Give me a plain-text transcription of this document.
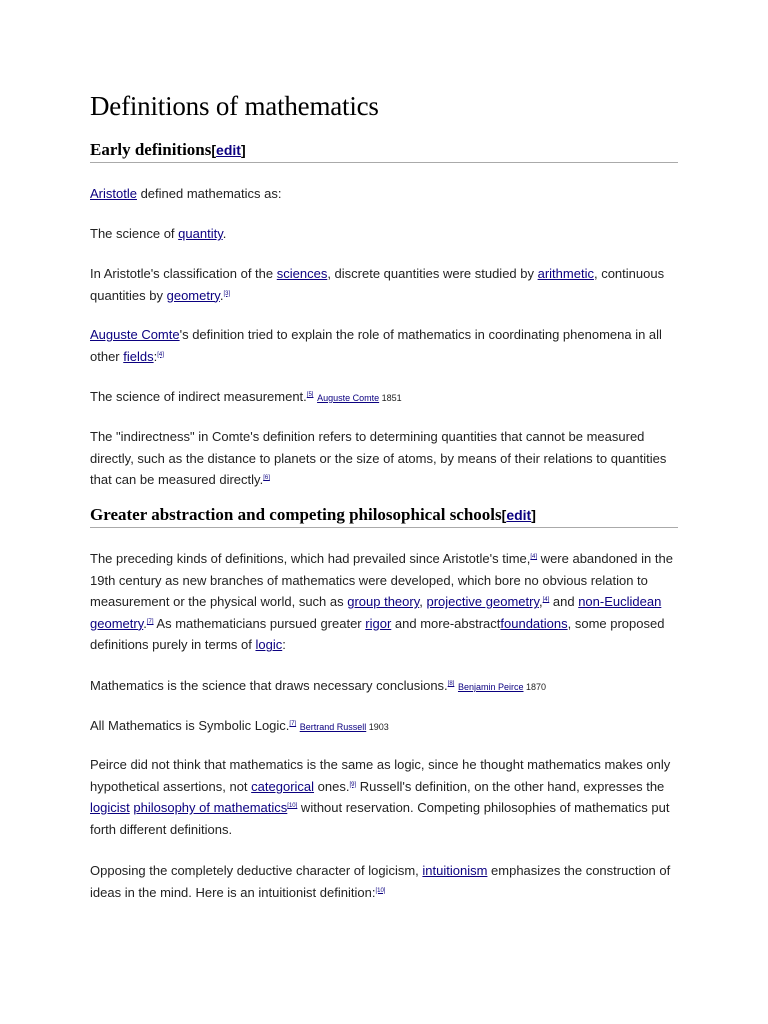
Definitions of mathematics
Early definitions[edit]

Aristotle defined mathematics as:

The science of quantity.

In Aristotle's classification of the sciences, discrete quantities were studied by arithmetic, continuous quantities by geometry.[3]

Auguste Comte's definition tried to explain the role of mathematics in coordinating phenomena in all other fields:[4]

The science of indirect measurement.[5] Auguste Comte 1851

The "indirectness" in Comte's definition refers to determining quantities that cannot be measured directly, such as the distance to planets or the size of atoms, by means of their relations to quantities that can be measured directly.[6]

Greater abstraction and competing philosophical schools[edit]

The preceding kinds of definitions, which had prevailed since Aristotle's time,[4] were abandoned in the 19th century as new branches of mathematics were developed, which bore no obvious relation to measurement or the physical world, such as group theory, projective geometry,[4] and non-Euclidean geometry.[7] As mathematicians pursued greater rigor and more-abstractfoundations, some proposed definitions purely in terms of logic:

Mathematics is the science that draws necessary conclusions.[8] Benjamin Peirce 1870

All Mathematics is Symbolic Logic.[7] Bertrand Russell 1903

Peirce did not think that mathematics is the same as logic, since he thought mathematics makes only hypothetical assertions, not categorical ones.[9] Russell's definition, on the other hand, expresses the logicist philosophy of mathematics[10] without reservation. Competing philosophies of mathematics put forth different definitions.

Opposing the completely deductive character of logicism, intuitionism emphasizes the construction of ideas in the mind. Here is an intuitionist definition:[10]
